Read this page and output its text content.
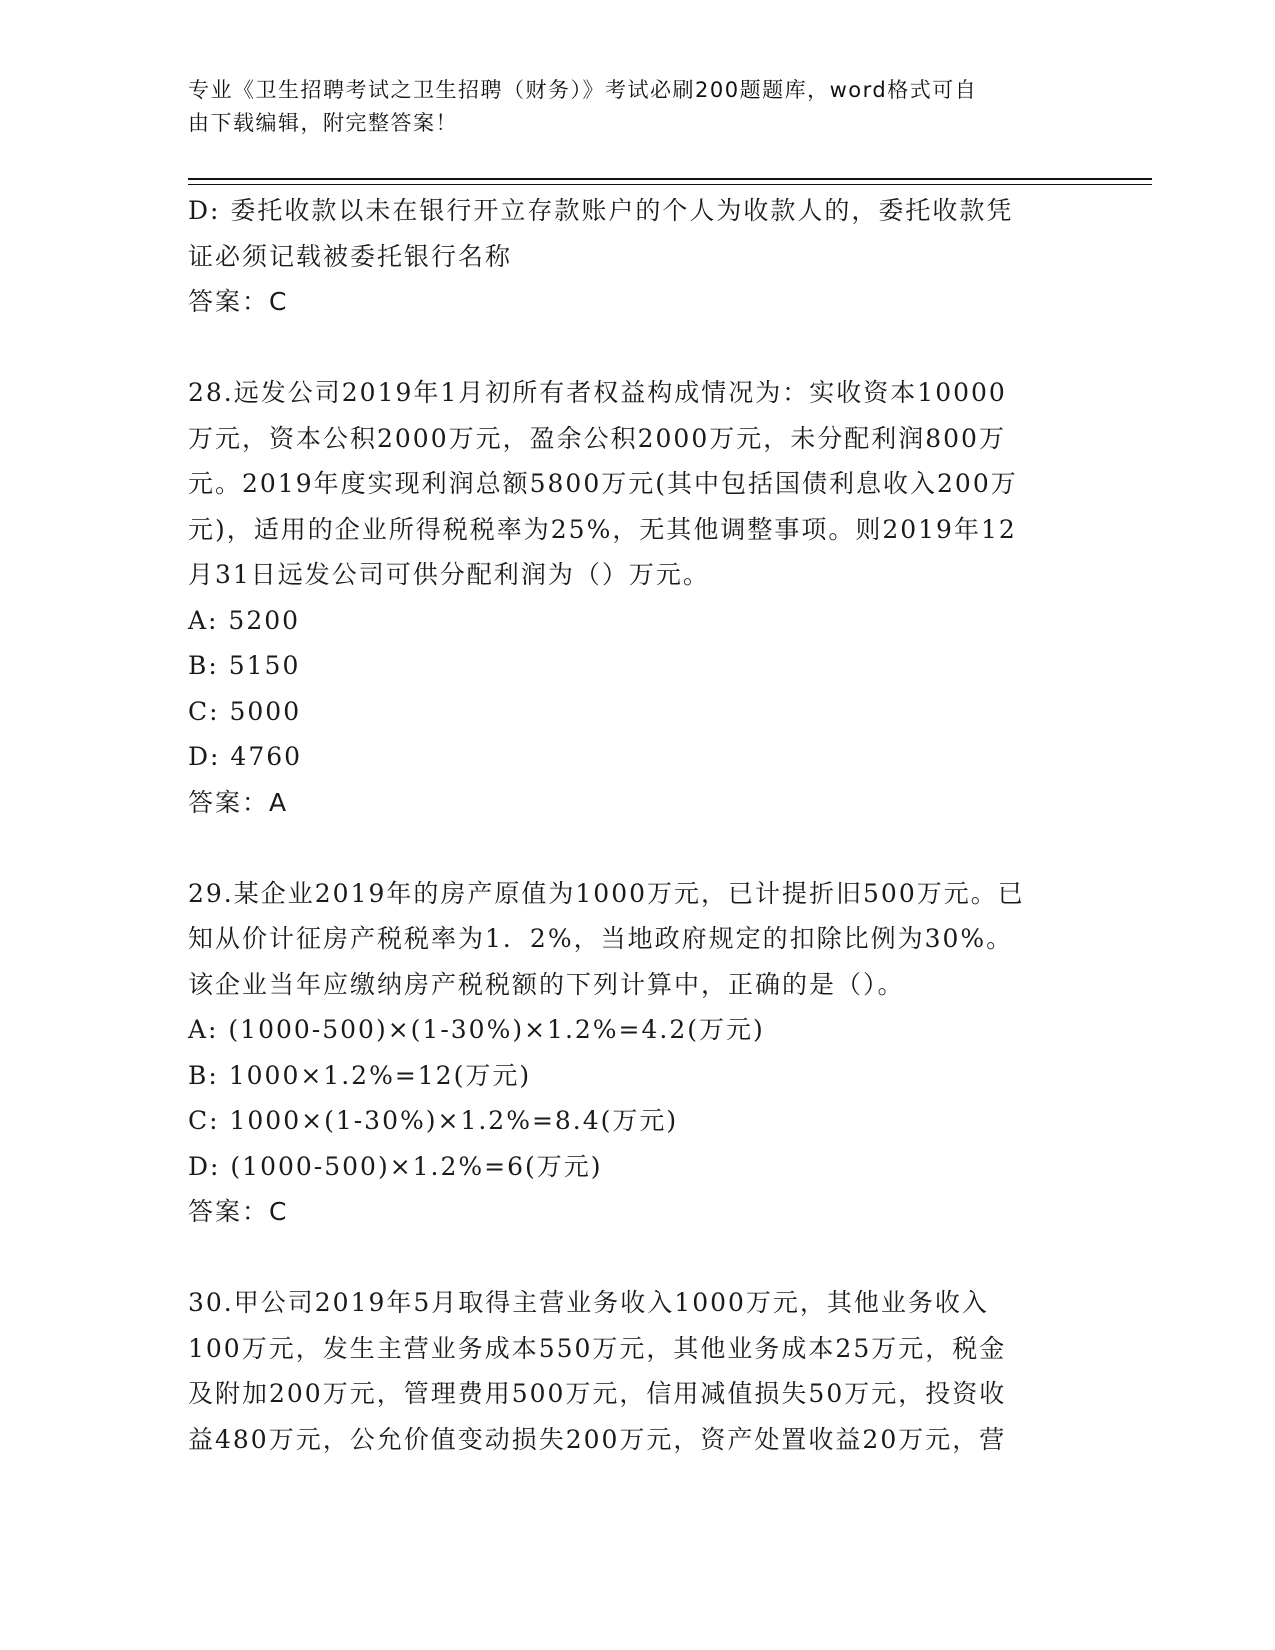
专业《卫生招聘考试之卫生招聘（财务）》考试必刷200题题库，word格式可自
由下载编辑，附完整答案！
D: 委托收款以未在银行开立存款账户的个人为收款人的，委托收款凭
证必须记载被委托银行名称
答案：C
28.远发公司2019年1月初所有者权益构成情况为：实收资本10000
万元，资本公积2000万元，盈余公积2000万元，未分配利润800万
元。2019年度实现利润总额5800万元(其中包括国债利息收入200万
元)，适用的企业所得税税率为25%，无其他调整事项。则2019年12
月31日远发公司可供分配利润为（）万元。
A: 5200
B: 5150
C: 5000
D: 4760
答案：A
29.某企业2019年的房产原值为1000万元，已计提折旧500万元。已
知从价计征房产税税率为1．2%，当地政府规定的扣除比例为30%。
该企业当年应缴纳房产税税额的下列计算中，正确的是（）。
A: (1000-500)×(1-30%)×1.2%=4.2(万元)
B: 1000×1.2%=12(万元)
C: 1000×(1-30%)×1.2%=8.4(万元)
D: (1000-500)×1.2%=6(万元)
答案：C
30.甲公司2019年5月取得主营业务收入1000万元，其他业务收入
100万元，发生主营业务成本550万元，其他业务成本25万元，税金
及附加200万元，管理费用500万元，信用减值损失50万元，投资收
益480万元，公允价值变动损失200万元，资产处置收益20万元，营
